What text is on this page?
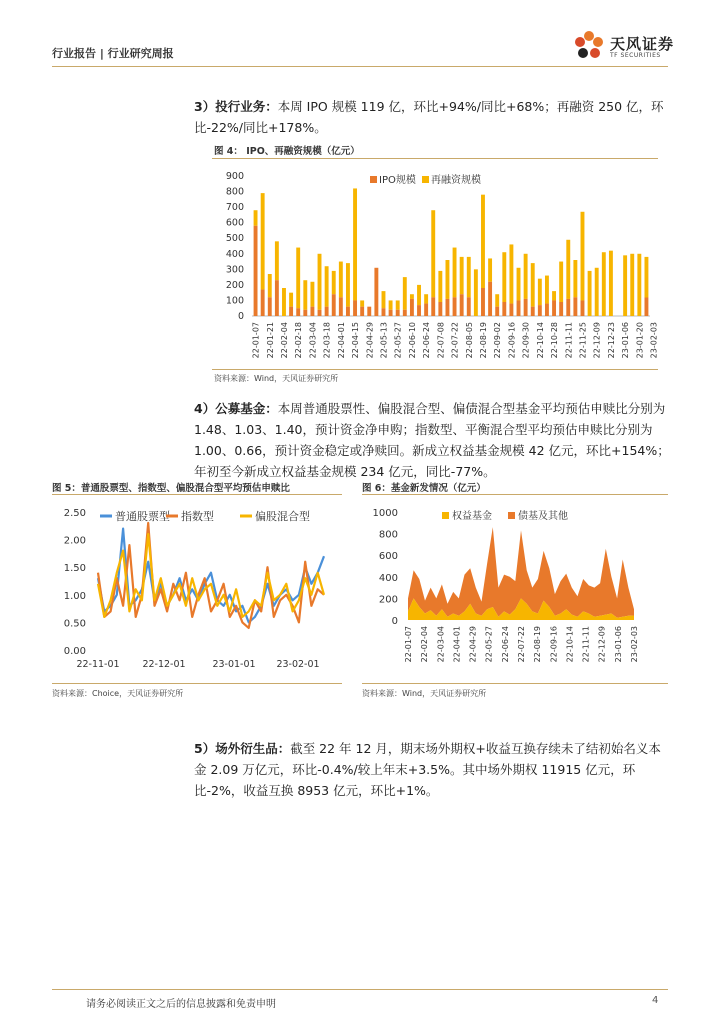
行业报告 | 行业研究周报
天风证券
TF SECURITIES
3）投行业务：本周 IPO 规模 119 亿，环比+94%/同比+68%；再融资 250 亿，环比-22%/同比+178%。
图 4： IPO、再融资规模（亿元）
0
100
200
300
400
500
600
700
800
900
22-01-07 22-01-21 22-02-04 22-02-18 22-03-04 22-03-18 22-04-01 22-04-15 22-04-29 22-05-13 22-05-27 22-06-10 22-06-24 22-07-08 22-07-22 22-08-05 22-08-19 22-09-02 22-09-16 22-09-30 22-10-14 22-10-28 22-11-11 22-11-25 22-12-09 22-12-23 23-01-06 23-01-20 23-02-03
IPO规模 再融资规模
资料来源：Wind，天风证券研究所
4）公募基金：本周普通股票性、偏股混合型、偏债混合型基金平均预估申赎比分别为 1.48、1.03、1.40，预计资金净申购；指数型、平衡混合型平均预估申赎比分别为 1.00、0.66，预计资金稳定或净赎回。新成立权益基金规模 42 亿元，环比+154%；年初至今新成立权益基金规模 234 亿元，同比-77%。
图 5：普通股票型、指数型、偏股混合型平均预估申赎比
0.00
0.50
1.00
1.50
2.00
2.50
22-11-01 22-12-01	23-01-01 23-02-01
普通股票型 指数型	偏股混合型
资料来源：Choice，天风证券研究所
图 6：基金新发情况（亿元）
0
200
400
600
800
1000
22-01-07 22-02-04 22-03-04 22-04-01 22-04-29 22-05-27 22-06-24 22-07-22 22-08-19 22-09-16 22-10-14 22-11-11 22-12-09 23-01-06 23-02-03
权益基金	债基及其他
资料来源：Wind，天风证券研究所
5）场外衍生品：截至 22 年 12 月，期末场外期权+收益互换存续未了结初始名义本金 2.09 万亿元，环比-0.4%/较上年末+3.5%。其中场外期权 11915 亿元，环比-2%，收益互换 8953 亿元，环比+1%。
请务必阅读正文之后的信息披露和免责申明	4
